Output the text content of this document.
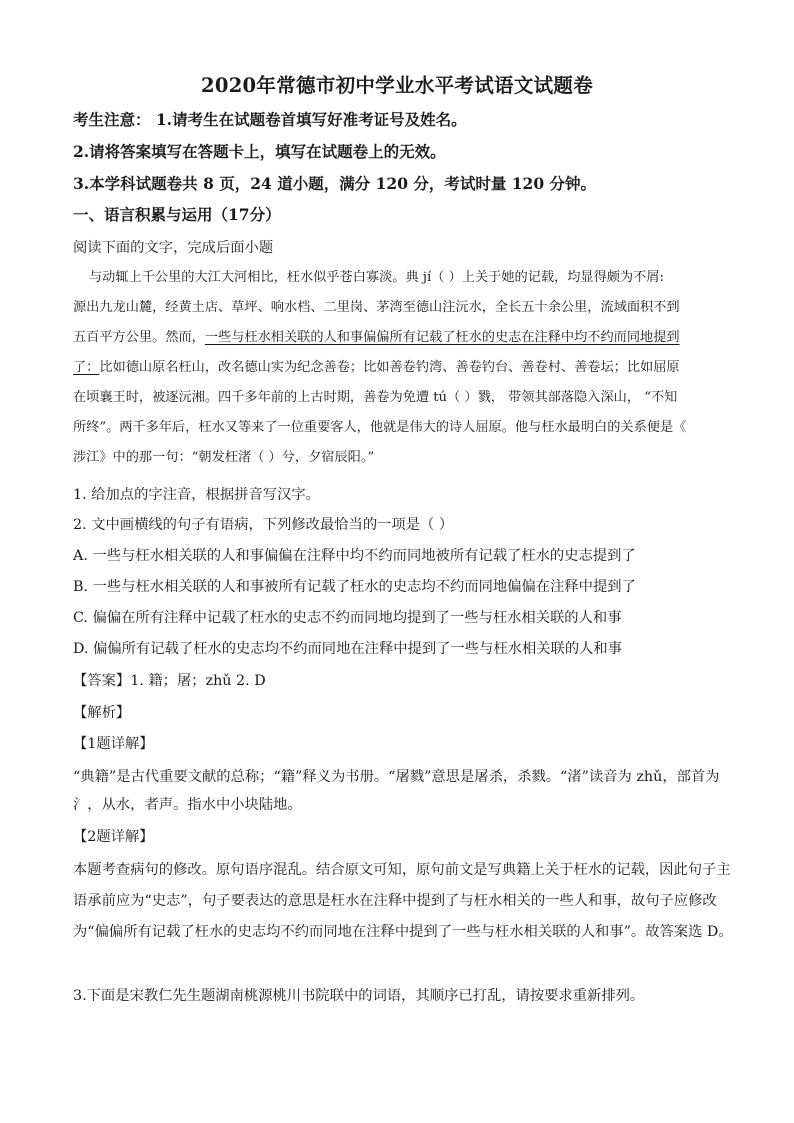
2020年常德市初中学业水平考试语文试题卷
考生注意： 1.请考生在试题卷首填写好准考证号及姓名。
2.请将答案填写在答题卡上，填写在试题卷上的无效。
3.本学科试题卷共 8 页，24 道小题，满分 120 分，考试时量 120 分钟。
一、语言积累与运用（17分）
阅读下面的文字，完成后面小题
与动辄上千公里的大江大河相比，枉水似乎苍白寡淡。典 jí（ ）上关于她的记载，均显得颇为不屑:
源出九龙山麓，经黄土店、草坪、响水档、二里岗、茅湾至德山注沅水，全长五十余公里，流域面积不到
五百平方公里。然而，一些与枉水相关联的人和事偏偏所有记载了枉水的史志在注释中均不约而同地提到
了：比如德山原名枉山，改名德山实为纪念善卷；比如善卷钓湾、善卷钓台、善卷村、善卷坛；比如屈原
在顷襄王时，被逐沅湘。四千多年前的上古时期，善卷为免遭 tú（ ）戮， 带领其部落隐入深山， “不知
所终”。两千多年后，枉水又等来了一位重要客人，他就是伟大的诗人屈原。他与枉水最明白的关系便是《
涉江》中的那一句：“朝发枉渚（ ）兮，夕宿辰阳。”
1. 给加点的字注音，根据拼音写汉字。
2. 文中画横线的句子有语病，下列修改最恰当的一项是（ ）
A. 一些与枉水相关联的人和事偏偏在注释中均不约而同地被所有记载了枉水的史志提到了
B. 一些与枉水相关联的人和事被所有记载了枉水的史志均不约而同地偏偏在注释中提到了
C. 偏偏在所有注释中记载了枉水的史志不约而同地均提到了一些与枉水相关联的人和事
D. 偏偏所有记载了枉水的史志均不约而同地在注释中提到了一些与枉水相关联的人和事
【答案】1. 籍；屠；zhǔ 2. D
【解析】
【1题详解】
“典籍”是古代重要文献的总称；“籍”释义为书册。“屠戮”意思是屠杀，杀戮。“渚”读音为 zhǔ，部首为氵，从水，者声。指水中小块陆地。
【2题详解】
本题考查病句的修改。原句语序混乱。结合原文可知，原句前文是写典籍上关于枉水的记载，因此句子主语承前应为“史志”，句子要表达的意思是枉水在注释中提到了与枉水相关的一些人和事，故句子应修改为“偏偏所有记载了枉水的史志均不约而同地在注释中提到了一些与枉水相关联的人和事”。故答案选 D。
3.下面是宋教仁先生题湖南桃源桃川书院联中的词语，其顺序已打乱，请按要求重新排列。
